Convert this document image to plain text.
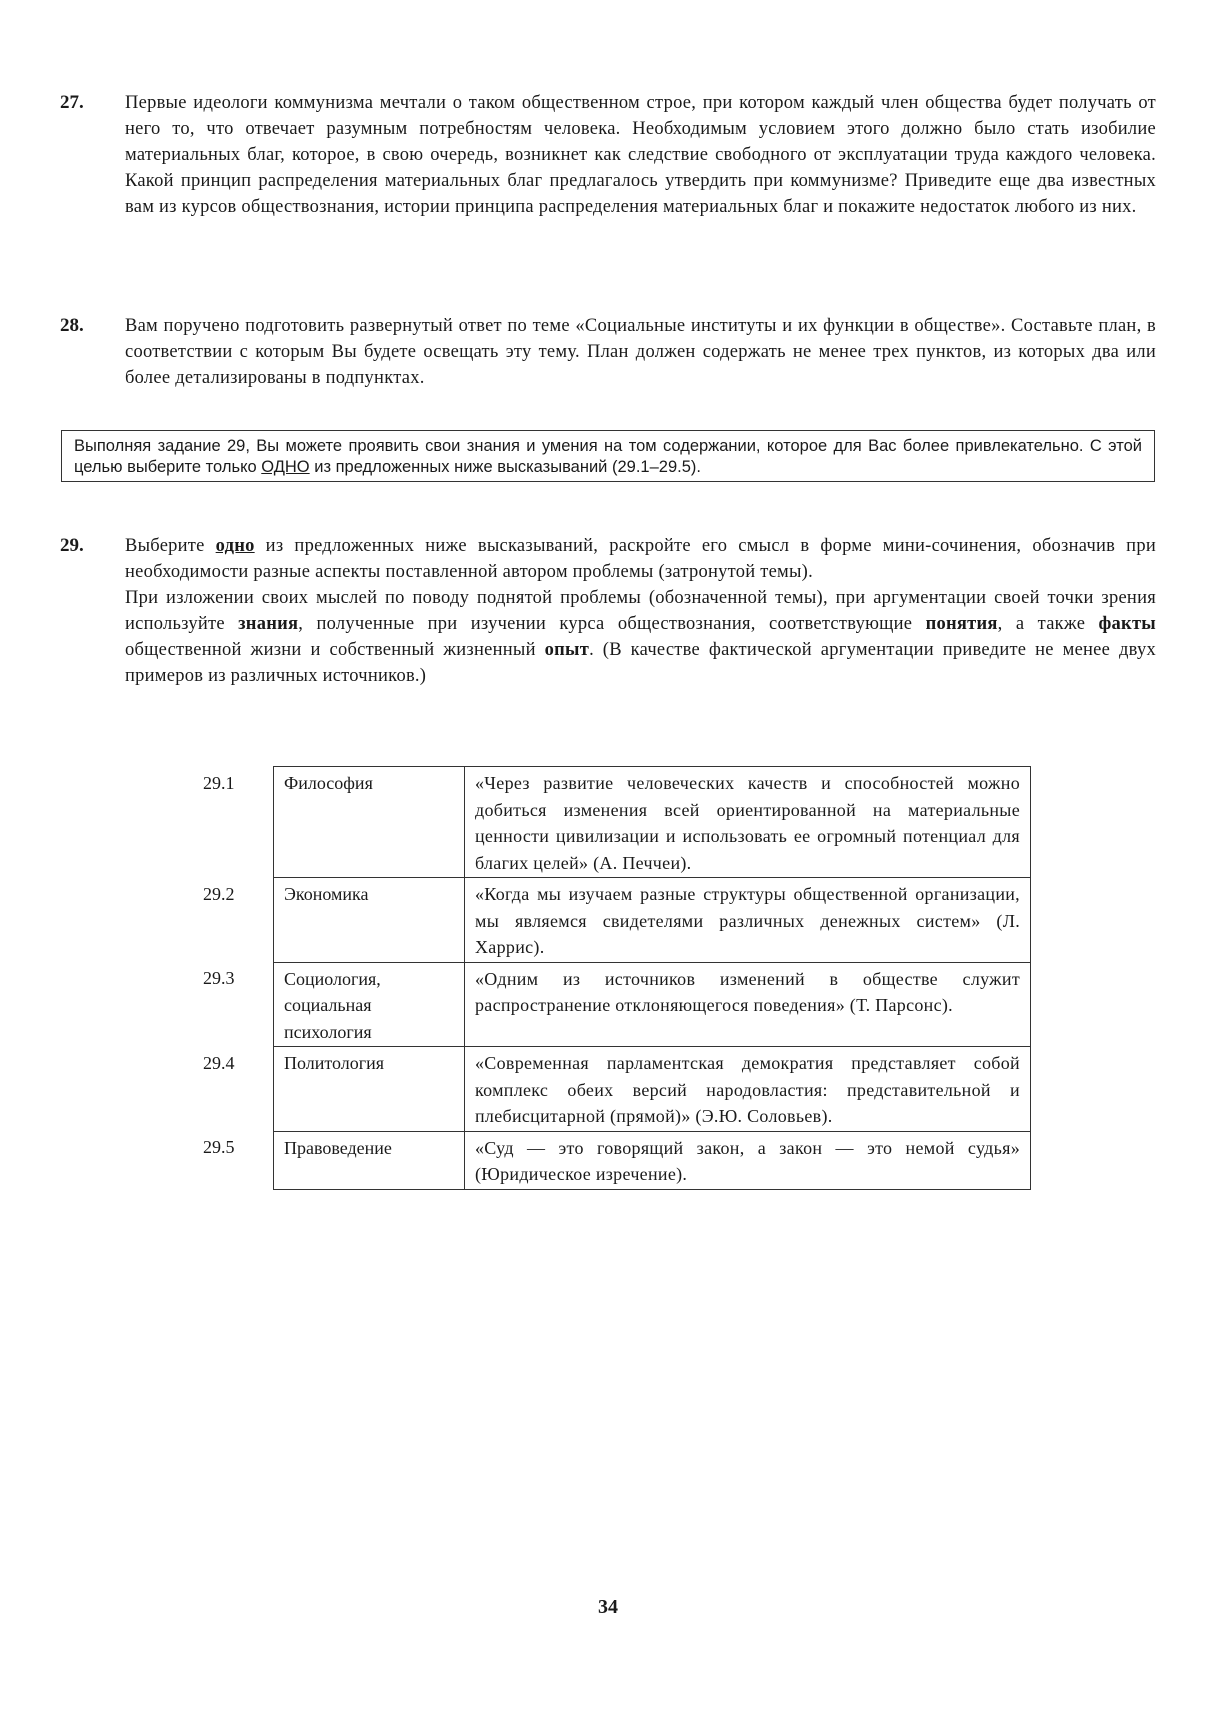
27. Первые идеологи коммунизма мечтали о таком общественном строе, при котором каждый член общества будет получать от него то, что отвечает разумным потребностям человека. Необходимым условием этого должно было стать изобилие материальных благ, которое, в свою очередь, возникнет как следствие свободного от эксплуатации труда каждого человека. Какой принцип распределения материальных благ предлагалось утвердить при коммунизме? Приведите еще два известных вам из курсов обществознания, истории принципа распределения материальных благ и покажите недостаток любого из них.
28. Вам поручено подготовить развернутый ответ по теме «Социальные институты и их функции в обществе». Составьте план, в соответствии с которым Вы будете освещать эту тему. План должен содержать не менее трех пунктов, из которых два или более детализированы в подпунктах.
Выполняя задание 29, Вы можете проявить свои знания и умения на том содержании, которое для Вас более привлекательно. С этой целью выберите только ОДНО из предложенных ниже высказываний (29.1–29.5).
29. Выберите одно из предложенных ниже высказываний, раскройте его смысл в форме мини-сочинения, обозначив при необходимости разные аспекты поставленной автором проблемы (затронутой темы).

При изложении своих мыслей по поводу поднятой проблемы (обозначенной темы), при аргументации своей точки зрения используйте знания, полученные при изучении курса обществознания, соответствующие понятия, а также факты общественной жизни и собственный жизненный опыт. (В качестве фактической аргументации приведите не менее двух примеров из различных источников.)

29.1	Философия	«Через развитие человеческих качеств и способностей можно добиться изменения всей ориентированной на материальные ценности цивилизации и использовать ее огромный потенциал для благих целей» (А. Печчеи).
29.2	Экономика	«Когда мы изучаем разные структуры общественной организации, мы являемся свидетелями различных денежных систем» (Л. Харрис).
29.3	Социология, социальная психология	«Одним из источников изменений в обществе служит распространение отклоняющегося поведения» (Т. Парсонс).
29.4	Политология	«Современная парламентская демократия представляет собой комплекс обеих версий народовластия: представительной и плебисцитарной (прямой)» (Э.Ю. Соловьев).
29.5	Правоведение	«Суд — это говорящий закон, а закон — это немой судья» (Юридическое изречение).
34
